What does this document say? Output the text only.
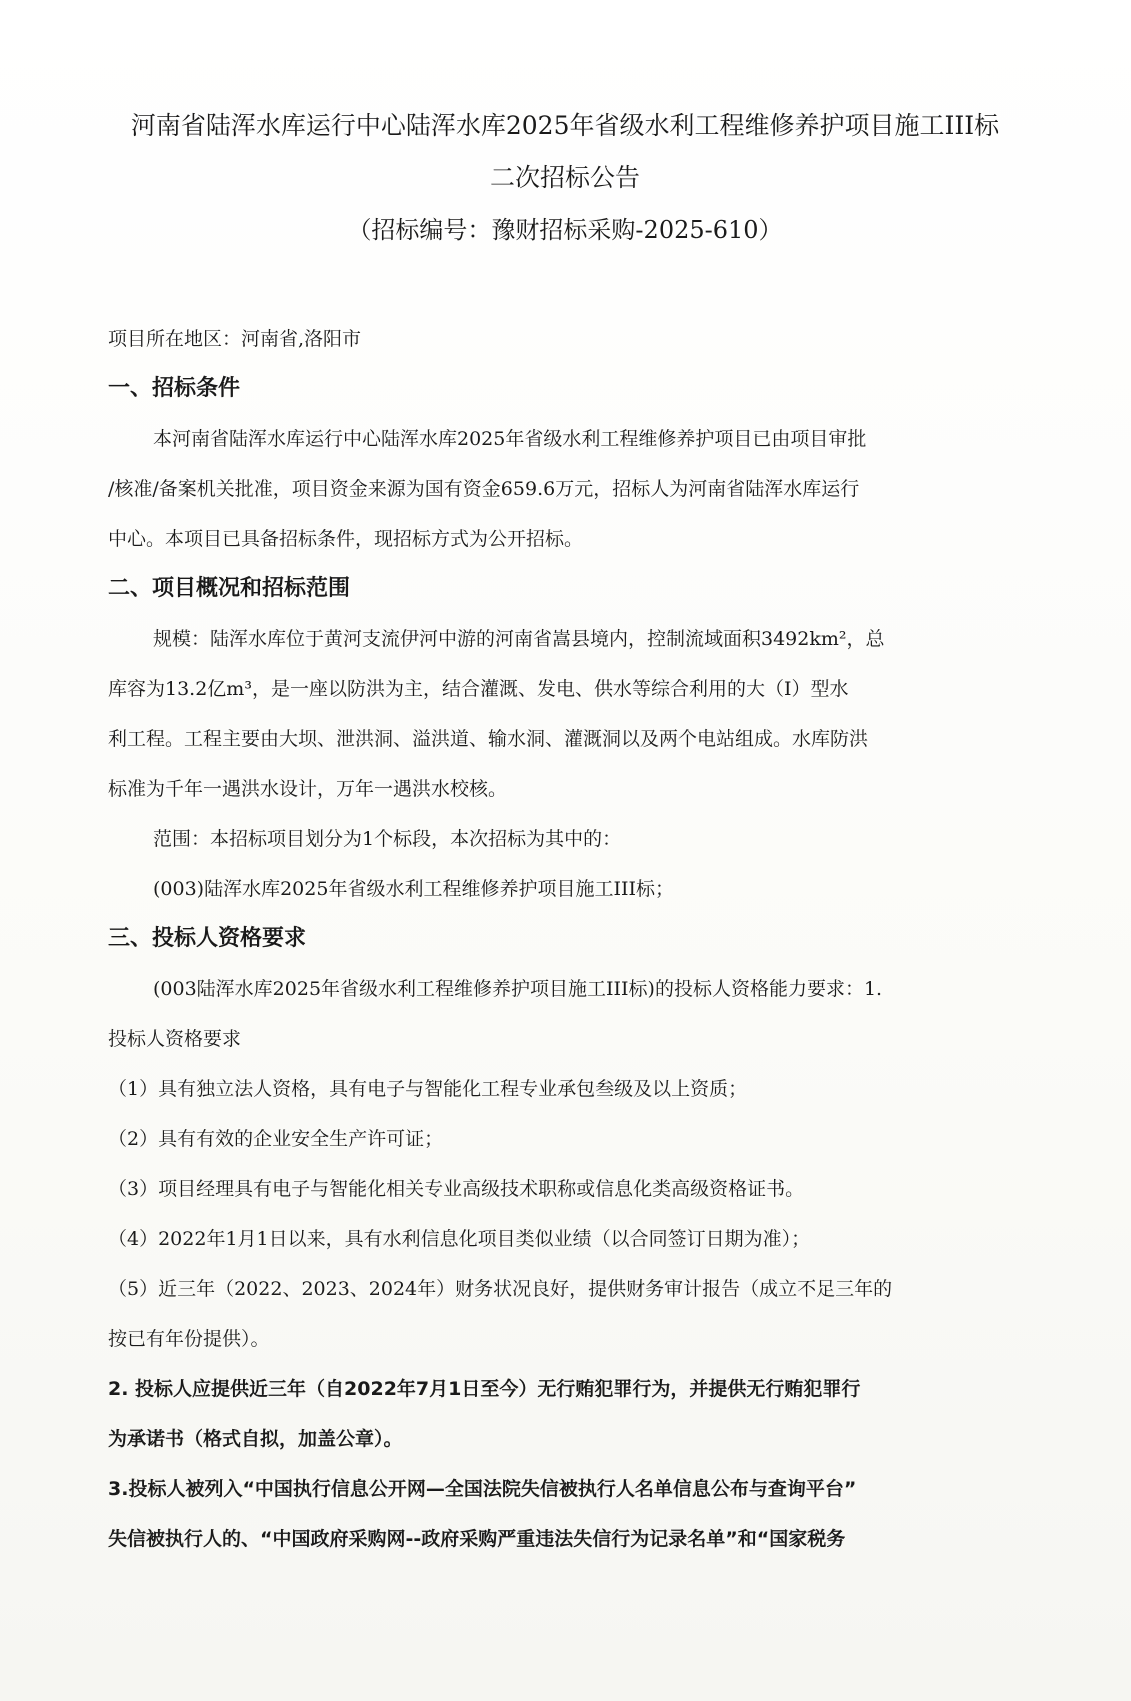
河南省陆浑水库运行中心陆浑水库2025年省级水利工程维修养护项目施工III标
二次招标公告
（招标编号：豫财招标采购-2025-610）
项目所在地区：河南省,洛阳市
一、招标条件
本河南省陆浑水库运行中心陆浑水库2025年省级水利工程维修养护项目已由项目审批
/核准/备案机关批准，项目资金来源为国有资金659.6万元，招标人为河南省陆浑水库运行
中心。本项目已具备招标条件，现招标方式为公开招标。
二、项目概况和招标范围
规模：陆浑水库位于黄河支流伊河中游的河南省嵩县境内，控制流域面积3492km²，总
库容为13.2亿m³，是一座以防洪为主，结合灌溉、发电、供水等综合利用的大（Ⅰ）型水
利工程。工程主要由大坝、泄洪洞、溢洪道、输水洞、灌溉洞以及两个电站组成。水库防洪
标准为千年一遇洪水设计，万年一遇洪水校核。
范围：本招标项目划分为1个标段，本次招标为其中的：
(003)陆浑水库2025年省级水利工程维修养护项目施工III标；
三、投标人资格要求
(003陆浑水库2025年省级水利工程维修养护项目施工III标)的投标人资格能力要求：1.
投标人资格要求
（1）具有独立法人资格，具有电子与智能化工程专业承包叁级及以上资质；
（2）具有有效的企业安全生产许可证；
（3）项目经理具有电子与智能化相关专业高级技术职称或信息化类高级资格证书。
（4）2022年1月1日以来，具有水利信息化项目类似业绩（以合同签订日期为准）；
（5）近三年（2022、2023、2024年）财务状况良好，提供财务审计报告（成立不足三年的
按已有年份提供）。
2. 投标人应提供近三年（自2022年7月1日至今）无行贿犯罪行为，并提供无行贿犯罪行
为承诺书（格式自拟，加盖公章）。
3.投标人被列入“中国执行信息公开网—全国法院失信被执行人名单信息公布与查询平台”
失信被执行人的、“中国政府采购网--政府采购严重违法失信行为记录名单”和“国家税务
